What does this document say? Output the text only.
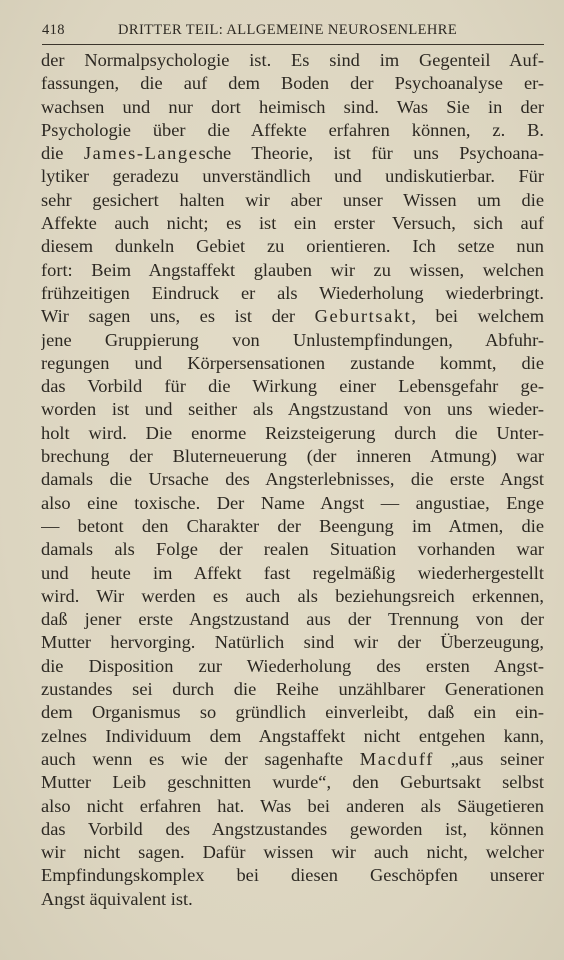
418	DRITTER TEIL: ALLGEMEINE NEUROSENLEHRE
der Normalpsychologie ist. Es sind im Gegenteil Auf-
fassungen, die auf dem Boden der Psychoanalyse er-
wachsen und nur dort heimisch sind. Was Sie in der
Psychologie über die Affekte erfahren können, z. B.
die James-Langesche Theorie, ist für uns Psychoana-
lytiker geradezu unverständlich und undiskutierbar. Für
sehr gesichert halten wir aber unser Wissen um die
Affekte auch nicht; es ist ein erster Versuch, sich auf
diesem dunkeln Gebiet zu orientieren. Ich setze nun
fort: Beim Angstaffekt glauben wir zu wissen, welchen
frühzeitigen Eindruck er als Wiederholung wiederbringt.
Wir sagen uns, es ist der Geburtsakt, bei welchem
jene Gruppierung von Unlustempfindungen, Abfuhr-
regungen und Körpersensationen zustande kommt, die
das Vorbild für die Wirkung einer Lebensgefahr ge-
worden ist und seither als Angstzustand von uns wieder-
holt wird. Die enorme Reizsteigerung durch die Unter-
brechung der Bluterneuerung (der inneren Atmung) war
damals die Ursache des Angsterlebnisses, die erste Angst
also eine toxische. Der Name Angst — angustiae, Enge
— betont den Charakter der Beengung im Atmen, die
damals als Folge der realen Situation vorhanden war
und heute im Affekt fast regelmäßig wiederhergestellt
wird. Wir werden es auch als beziehungsreich erkennen,
daß jener erste Angstzustand aus der Trennung von der
Mutter hervorging. Natürlich sind wir der Überzeugung,
die Disposition zur Wiederholung des ersten Angst-
zustandes sei durch die Reihe unzählbarer Generationen
dem Organismus so gründlich einverleibt, daß ein ein-
zelnes Individuum dem Angstaffekt nicht entgehen kann,
auch wenn es wie der sagenhafte Macduff „aus seiner
Mutter Leib geschnitten wurde“, den Geburtsakt selbst
also nicht erfahren hat. Was bei anderen als Säugetieren
das Vorbild des Angstzustandes geworden ist, können
wir nicht sagen. Dafür wissen wir auch nicht, welcher
Empfindungskomplex bei diesen Geschöpfen unserer
Angst äquivalent ist.
